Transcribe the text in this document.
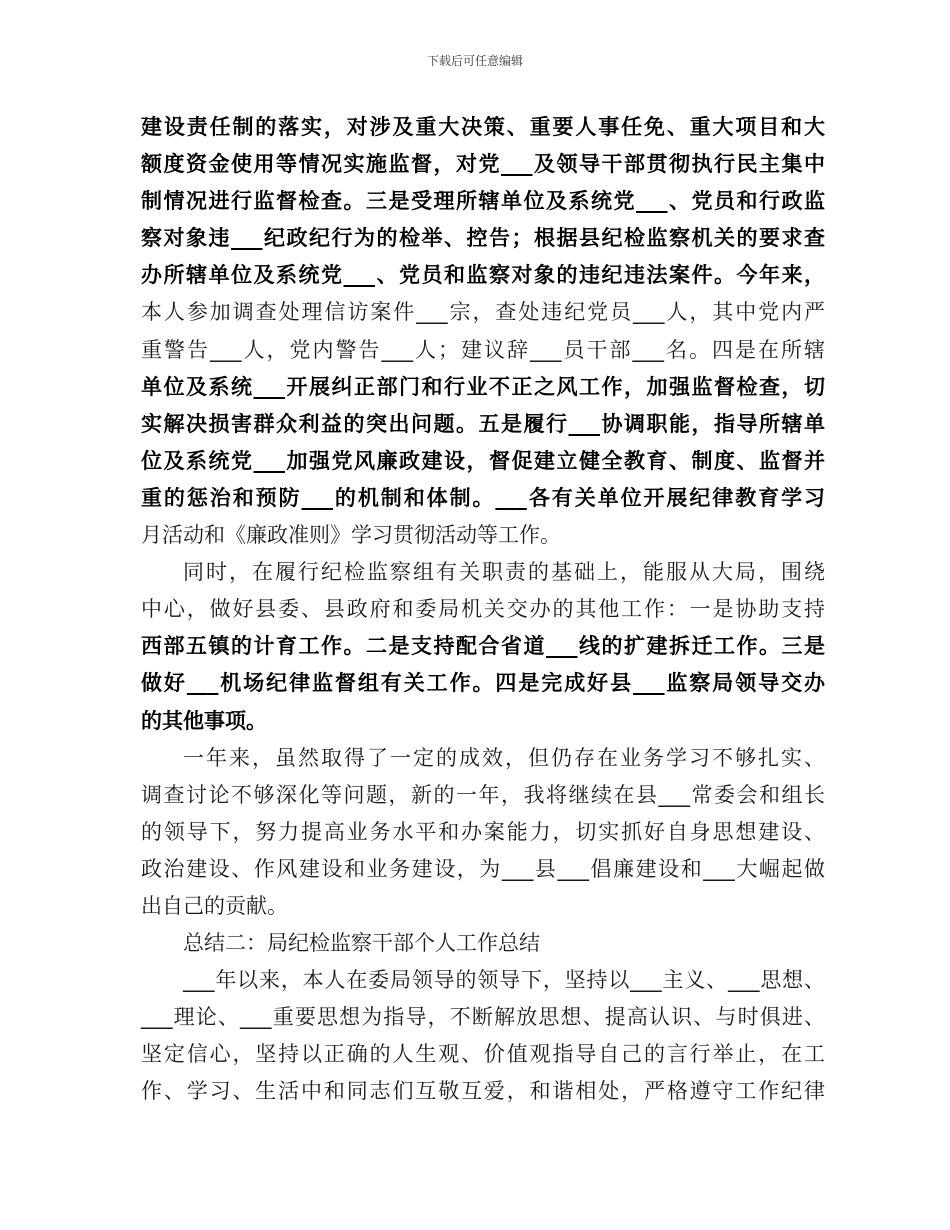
下载后可任意编辑
建设责任制的落实，对涉及重大决策、重要人事任免、重大项目和大
额度资金使用等情况实施监督，对党___及领导干部贯彻执行民主集中
制情况进行监督检查。三是受理所辖单位及系统党___、党员和行政监
察对象违___纪政纪行为的检举、控告；根据县纪检监察机关的要求查
办所辖单位及系统党___、党员和监察对象的违纪违法案件。今年来，
本人参加调查处理信访案件___宗，查处违纪党员___人，其中党内严
重警告___人，党内警告___人；建议辞___员干部___名。四是在所辖
单位及系统___开展纠正部门和行业不正之风工作，加强监督检查，切
实解决损害群众利益的突出问题。五是履行___协调职能，指导所辖单
位及系统党___加强党风廉政建设，督促建立健全教育、制度、监督并
重的惩治和预防___的机制和体制。___各有关单位开展纪律教育学习
月活动和《廉政准则》学习贯彻活动等工作。
同时，在履行纪检监察组有关职责的基础上，能服从大局，围绕
中心，做好县委、县政府和委局机关交办的其他工作：一是协助支持
西部五镇的计育工作。二是支持配合省道___线的扩建拆迁工作。三是
做好___机场纪律监督组有关工作。四是完成好县___监察局领导交办
的其他事项。
一年来，虽然取得了一定的成效，但仍存在业务学习不够扎实、
调查讨论不够深化等问题，新的一年，我将继续在县___常委会和组长
的领导下，努力提高业务水平和办案能力，切实抓好自身思想建设、
政治建设、作风建设和业务建设，为___县___倡廉建设和___大崛起做
出自己的贡献。
总结二：局纪检监察干部个人工作总结
___年以来，本人在委局领导的领导下，坚持以___主义、___思想、
___理论、___重要思想为指导，不断解放思想、提高认识、与时俱进、
坚定信心，坚持以正确的人生观、价值观指导自己的言行举止，在工
作、学习、生活中和同志们互敬互爱，和谐相处，严格遵守工作纪律
